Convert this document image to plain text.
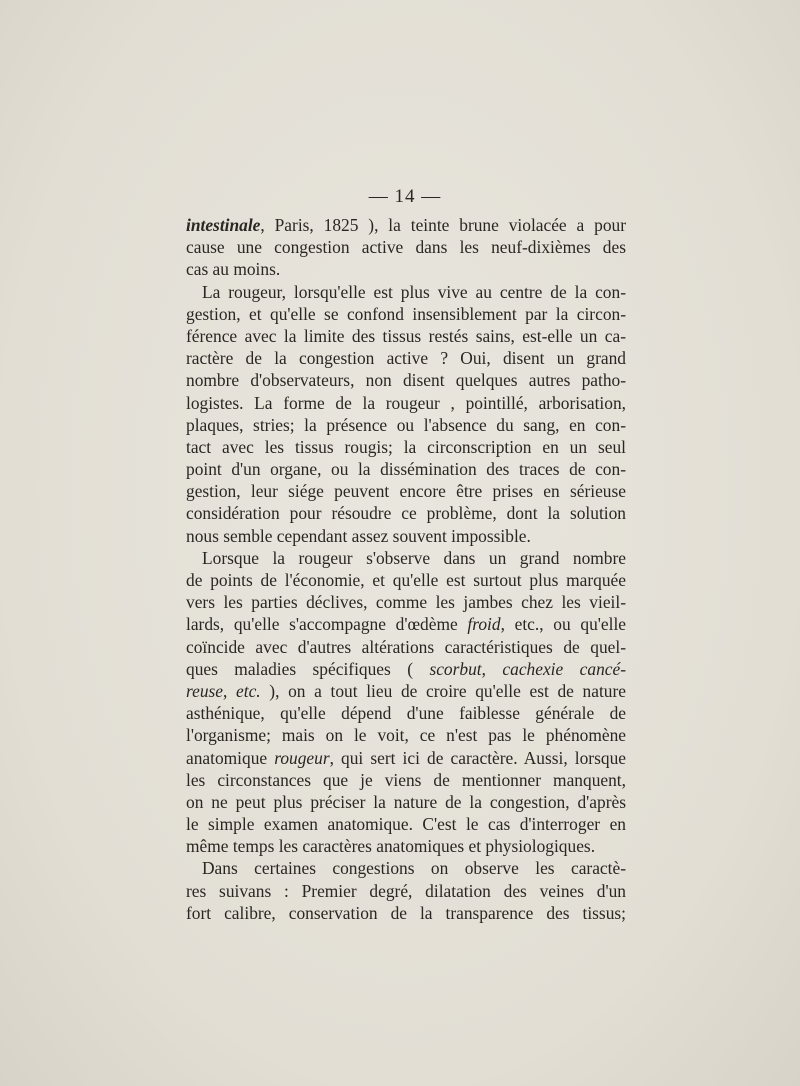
— 14 —
intestinale, Paris, 1825 ), la teinte brune violacée a pour
cause une congestion active dans les neuf-dixièmes des
cas au moins.
La rougeur, lorsqu'elle est plus vive au centre de la con-
gestion, et qu'elle se confond insensiblement par la circon-
férence avec la limite des tissus restés sains, est-elle un ca-
ractère de la congestion active ? Oui, disent un grand
nombre d'observateurs, non disent quelques autres patho-
logistes. La forme de la rougeur , pointillé, arborisation,
plaques, stries; la présence ou l'absence du sang, en con-
tact avec les tissus rougis; la circonscription en un seul
point d'un organe, ou la dissémination des traces de con-
gestion, leur siége peuvent encore être prises en sérieuse
considération pour résoudre ce problème, dont la solution
nous semble cependant assez souvent impossible.
Lorsque la rougeur s'observe dans un grand nombre
de points de l'économie, et qu'elle est surtout plus marquée
vers les parties déclives, comme les jambes chez les vieil-
lards, qu'elle s'accompagne d'œdème froid, etc., ou qu'elle
coïncide avec d'autres altérations caractéristiques de quel-
ques maladies spécifiques ( scorbut, cachexie cancé-
reuse, etc. ), on a tout lieu de croire qu'elle est de nature
asthénique, qu'elle dépend d'une faiblesse générale de
l'organisme; mais on le voit, ce n'est pas le phénomène
anatomique rougeur, qui sert ici de caractère. Aussi, lorsque
les circonstances que je viens de mentionner manquent,
on ne peut plus préciser la nature de la congestion, d'après
le simple examen anatomique. C'est le cas d'interroger en
même temps les caractères anatomiques et physiologiques.
Dans certaines congestions on observe les caractè-
res suivans : Premier degré, dilatation des veines d'un
fort calibre, conservation de la transparence des tissus;
